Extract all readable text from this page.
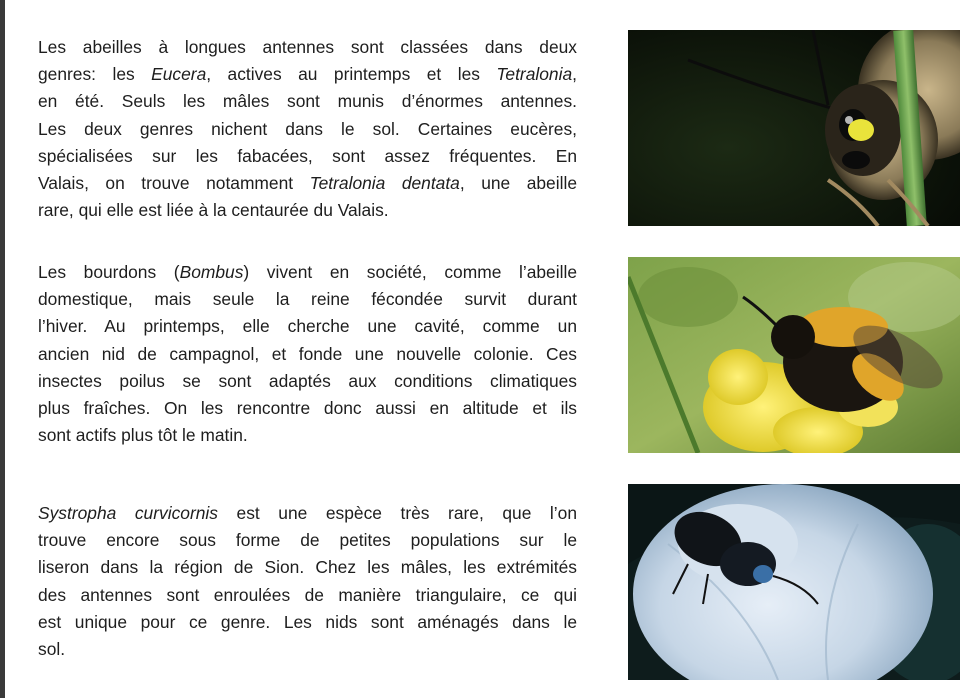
Les abeilles à longues antennes sont classées dans deux
genres: les Eucera, actives au printemps et les Tetralonia,
en été. Seuls les mâles sont munis d’énormes antennes.
Les deux genres nichent dans le sol. Certaines eucères,
spécialisées sur les fabacées, sont assez fréquentes. En
Valais, on trouve notamment Tetralonia dentata, une abeille
rare, qui elle est liée à la centaurée du Valais.
Les bourdons (Bombus) vivent en société, comme l’abeille
domestique, mais seule la reine fécondée survit durant
l’hiver. Au printemps, elle cherche une cavité, comme un
ancien nid de campagnol, et fonde une nouvelle colonie. Ces
insectes poilus se sont adaptés aux conditions climatiques
plus fraîches. On les rencontre donc aussi en altitude et ils
sont actifs plus tôt le matin.
Systropha curvicornis est une espèce très rare, que l’on
trouve encore sous forme de petites populations sur le
liseron dans la région de Sion. Chez les mâles, les extrémités
des antennes sont enroulées de manière triangulaire, ce qui
est unique pour ce genre. Les nids sont aménagés dans le
sol.
